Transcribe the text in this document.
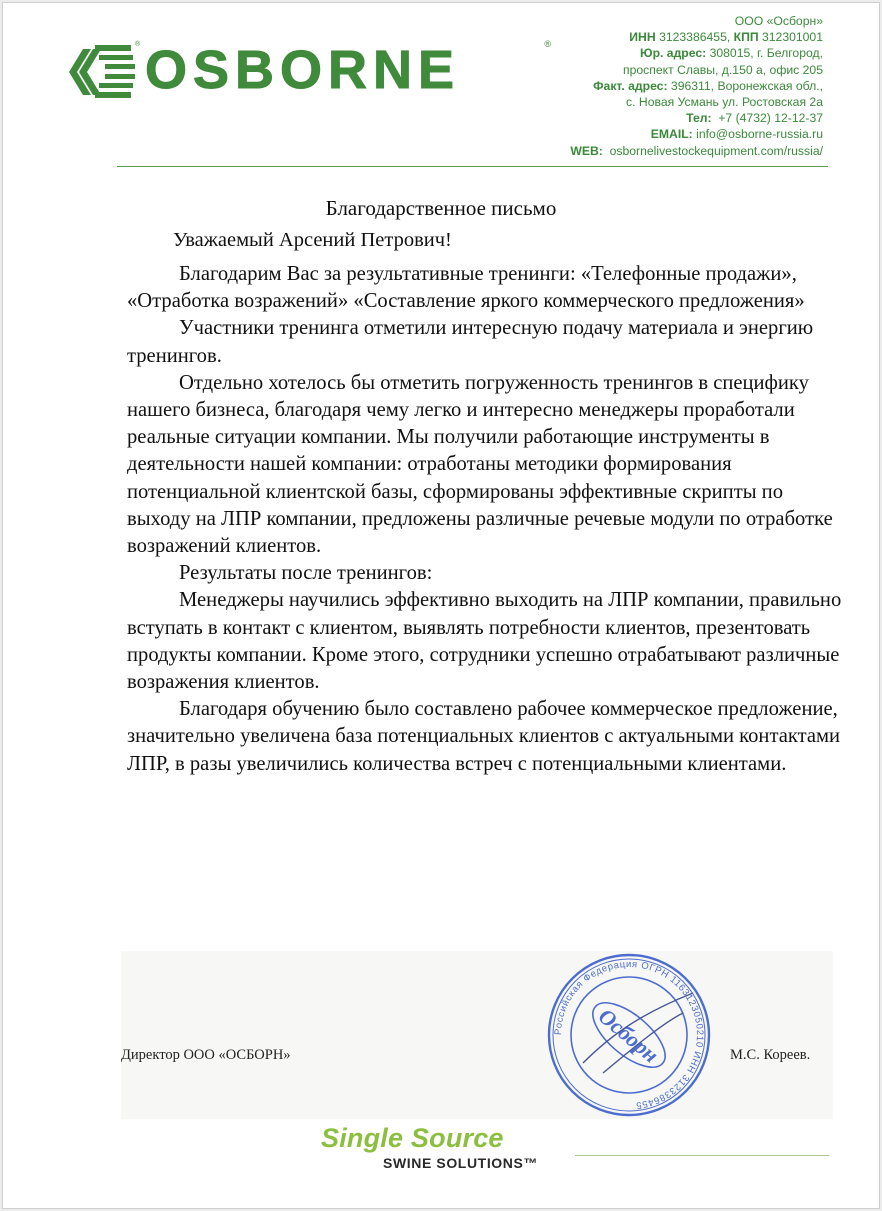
® OSBORNE	®
ООО «Осборн»
ИНН 3123386455, КПП 312301001
Юр. адрес: 308015, г. Белгород,
проспект Славы, д.150 а, офис 205
Факт. адрес: 396311, Воронежская обл.,
с. Новая Усмань ул. Ростовская 2а
Тел: +7 (4732) 12-12-37
EMAIL: info@osborne-russia.ru
WEB: osbornelivestockequipment.com/russia/
Благодарственное письмо
Уважаемый Арсений Петрович!

Благодарим Вас за результативные тренинги: «Телефонные продажи», «Отработка возражений» «Составление яркого коммерческого предложения»

Участники тренинга отметили интересную подачу материала и энергию тренингов.

Отдельно хотелось бы отметить погруженность тренингов в специфику нашего бизнеса, благодаря чему легко и интересно менеджеры проработали реальные ситуации компании. Мы получили работающие инструменты в деятельности нашей компании: отработаны методики формирования потенциальной клиентской базы, сформированы эффективные скрипты по выходу на ЛПР компании, предложены различные речевые модули по отработке возражений клиентов.

Результаты после тренингов:

Менеджеры научились эффективно выходить на ЛПР компании, правильно вступать в контакт с клиентом, выявлять потребности клиентов, презентовать продукты компании. Кроме этого, сотрудники успешно отрабатывают различные возражения клиентов.

Благодаря обучению было составлено рабочее коммерческое предложение, значительно увеличена база потенциальных клиентов с актуальными контактами ЛПР, в разы увеличились количества встреч с потенциальными клиентами.

Директор ООО «ОСБОРН»	М.С. Кореев.
Российская Федерация ОГРН 1163123050210 ИНН 3123386455
Осборн
Single Source
SWINE SOLUTIONS™
